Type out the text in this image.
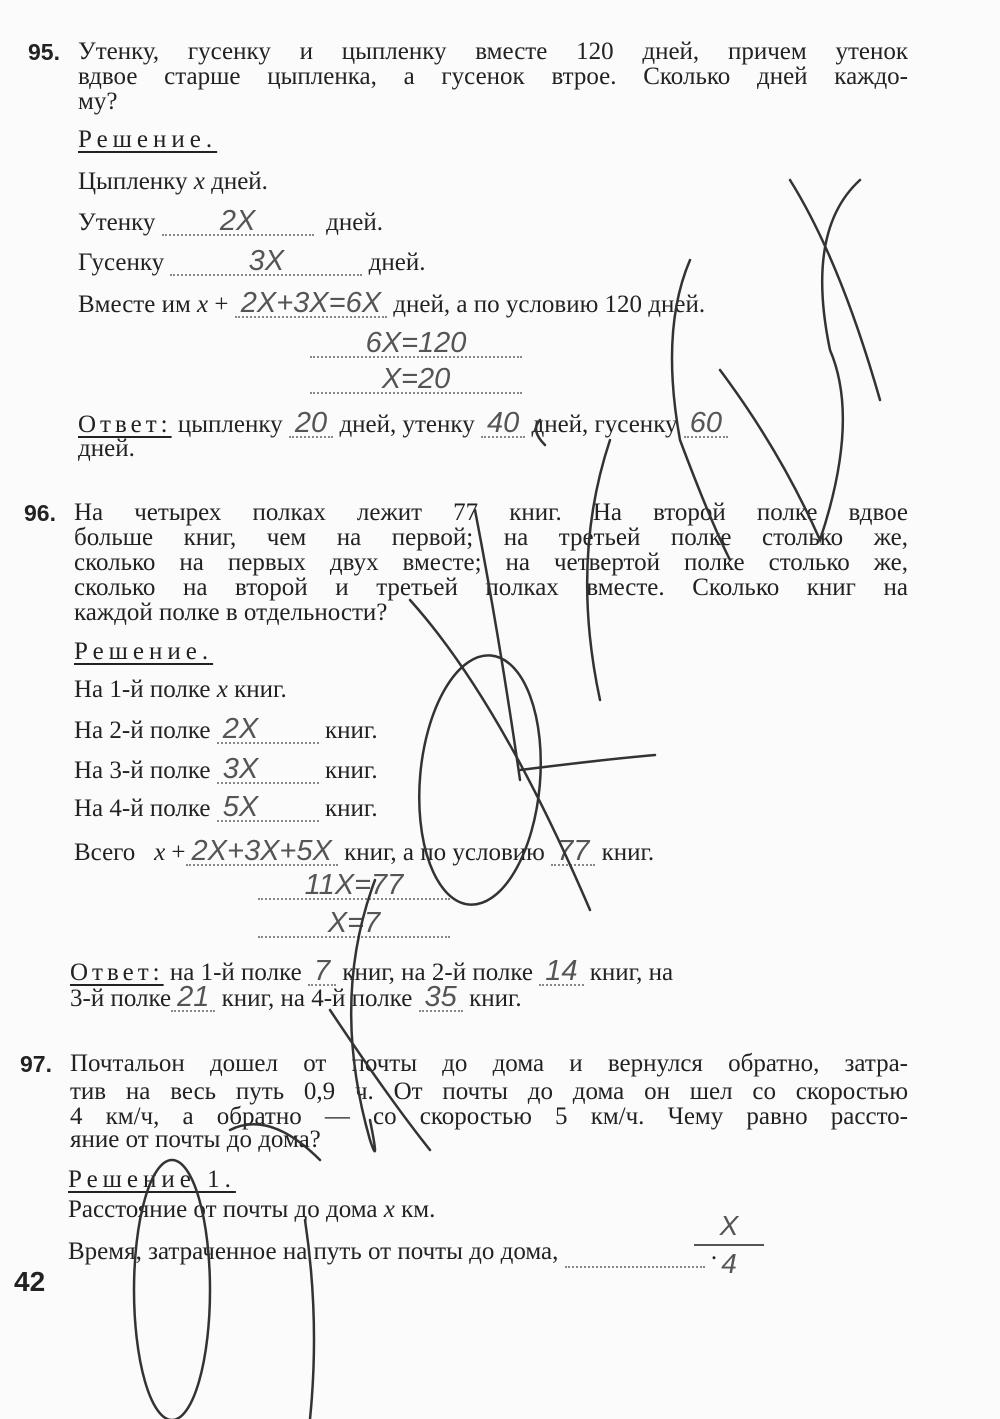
95. Утенку, гусенку и цыпленку вместе 120 дней, причем утенок
вдвое старше цыпленка, а гусенок втрое. Сколько дней каждо-
му?
Решение.
Цыпленку x дней.
Утенку 2X	дней.
Гусенку	3X	дней.
Вместе им x + 2X+3X=6X дней, а по условию 120 дней.
6X=120
X=20
Ответ: цыпленку 20 дней, утенку 40 дней, гусенку 60
дней.
96. На четырех полках лежит 77 книг. На второй полке вдвое
больше книг, чем на первой; на третьей полке столько же,
сколько на первых двух вместе; на четвертой полке столько же,
сколько на второй и третьей полках вместе. Сколько книг на
каждой полке в отдельности?
Решение.
На 1-й полке x книг.
На 2-й полке 2X	книг.
На 3-й полке 3X	книг.
На 4-й полке 5X	книг.
Всего x + 2X+3X+5X книг, а по условию 77 книг.
11X=77
X=7
Ответ: на 1-й полке 7 книг, на 2-й полке 14 книг, на
3-й полке 21 книг, на 4-й полке 35 книг.
97. Почтальон дошел от почты до дома и вернулся обратно, затра-
тив на весь путь 0,9 ч. От почты до дома он шел со скоростью
4 км/ч, а обратно — со скоростью 5 км/ч. Чему равно рассто-
яние от почты до дома?
Решение 1.
Расстояние от почты до дома x км.
Время, затраченное на путь от почты до дома,	.
X
4
42
